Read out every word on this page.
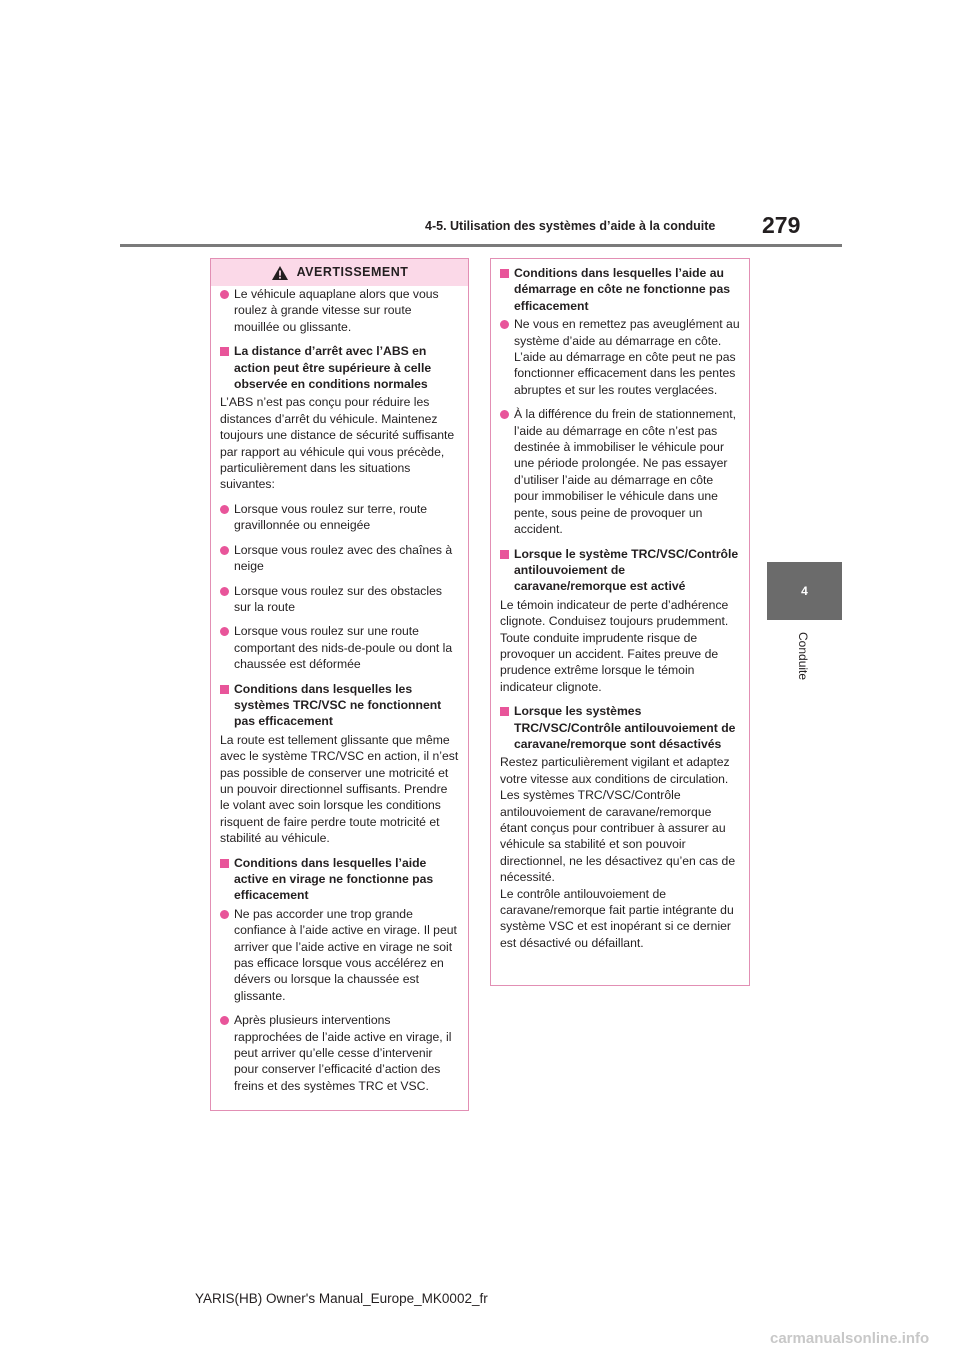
4-5. Utilisation des systèmes d’aide à la conduite 279
4
Conduite
AVERTISSEMENT
Le véhicule aquaplane alors que vous roulez à grande vitesse sur route mouillée ou glissante.
La distance d’arrêt avec l’ABS en action peut être supérieure à celle observée en conditions normales
L’ABS n’est pas conçu pour réduire les distances d’arrêt du véhicule. Maintenez toujours une distance de sécurité suffisante par rapport au véhicule qui vous précède, particulièrement dans les situations suivantes:
Lorsque vous roulez sur terre, route gravillonnée ou enneigée
Lorsque vous roulez avec des chaînes à neige
Lorsque vous roulez sur des obstacles sur la route
Lorsque vous roulez sur une route comportant des nids-de-poule ou dont la chaussée est déformée
Conditions dans lesquelles les systèmes TRC/VSC ne fonctionnent pas efficacement
La route est tellement glissante que même avec le système TRC/VSC en action, il n’est pas possible de conserver une motricité et un pouvoir directionnel suffisants. Prendre le volant avec soin lorsque les conditions risquent de faire perdre toute motricité et stabilité au véhicule.
Conditions dans lesquelles l’aide active en virage ne fonctionne pas efficacement
Ne pas accorder une trop grande confiance à l’aide active en virage. Il peut arriver que l’aide active en virage ne soit pas efficace lorsque vous accélérez en dévers ou lorsque la chaussée est glissante.
Après plusieurs interventions rapprochées de l’aide active en virage, il peut arriver qu’elle cesse d’intervenir pour conserver l’efficacité d’action des freins et des systèmes TRC et VSC.
Conditions dans lesquelles l’aide au démarrage en côte ne fonctionne pas efficacement
Ne vous en remettez pas aveuglément au système d’aide au démarrage en côte. L’aide au démarrage en côte peut ne pas fonctionner efficacement dans les pentes abruptes et sur les routes verglacées.
À la différence du frein de stationnement, l’aide au démarrage en côte n’est pas destinée à immobiliser le véhicule pour une période prolongée. Ne pas essayer d’utiliser l’aide au démarrage en côte pour immobiliser le véhicule dans une pente, sous peine de provoquer un accident.
Lorsque le système TRC/VSC/Contrôle antilouvoiement de caravane/remorque est activé
Le témoin indicateur de perte d’adhérence clignote. Conduisez toujours prudemment. Toute conduite imprudente risque de provoquer un accident. Faites preuve de prudence extrême lorsque le témoin indicateur clignote.
Lorsque les systèmes TRC/VSC/Contrôle antilouvoiement de caravane/remorque sont désactivés
Restez particulièrement vigilant et adaptez votre vitesse aux conditions de circulation. Les systèmes TRC/VSC/Contrôle antilouvoiement de caravane/remorque étant conçus pour contribuer à assurer au véhicule sa stabilité et son pouvoir directionnel, ne les désactivez qu’en cas de nécessité.
Le contrôle antilouvoiement de caravane/remorque fait partie intégrante du système VSC et est inopérant si ce dernier est désactivé ou défaillant.
YARIS(HB) Owner's Manual_Europe_MK0002_fr
carmanualsonline.info
